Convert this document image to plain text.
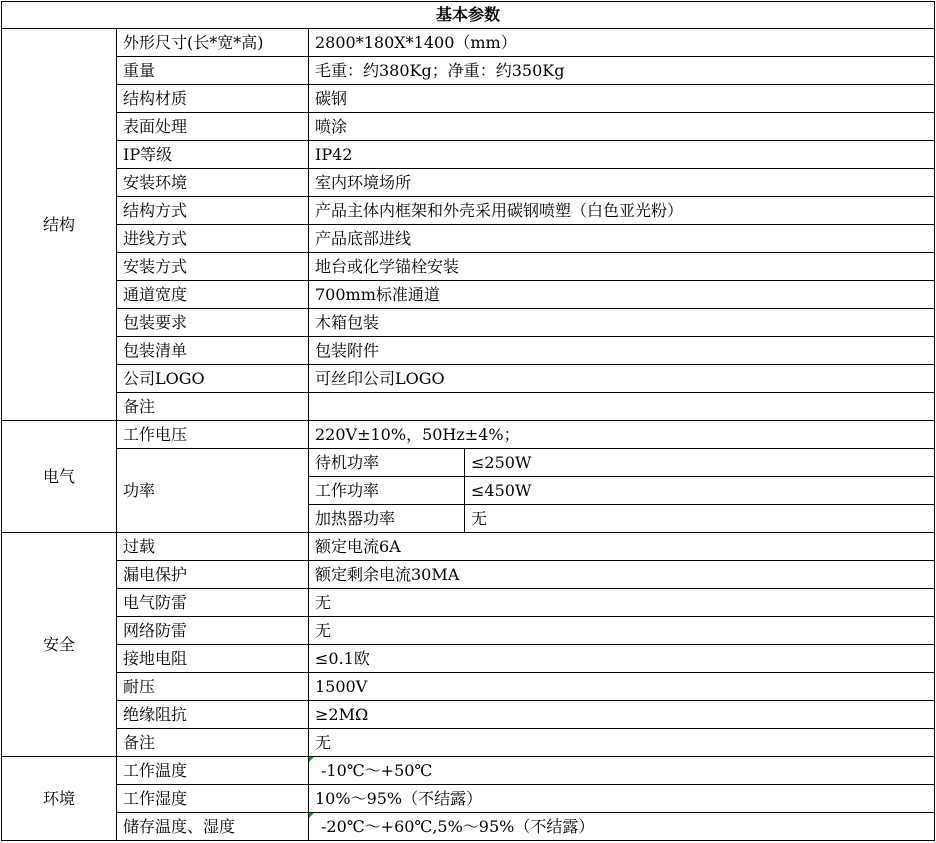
基本参数			
结构	外形尺寸(长*宽*高)	2800*180X*1400（mm）	
	重量	毛重：约380Kg；净重：约350Kg	
	结构材质	碳钢	
	表面处理	喷涂	
	IP等级	IP42	
	安装环境	室内环境场所	
	结构方式	产品主体内框架和外壳采用碳钢喷塑（白色亚光粉）	
	进线方式	产品底部进线	
	安装方式	地台或化学锚栓安装	
	通道宽度	700mm标准通道	
	包装要求	木箱包装	
	包装清单	包装附件	
	公司LOGO	可丝印公司LOGO	
	备注		
电气	工作电压	220V±10%，50Hz±4%；	
	功率	待机功率	≤250W
		工作功率	≤450W
		加热器功率	无
安全	过载	额定电流6A	
	漏电保护	额定剩余电流30MA	
	电气防雷	无	
	网络防雷	无	
	接地电阻	≤0.1欧	
	耐压	1500V	
	绝缘阻抗	≥2MΩ	
	备注	无	
环境	工作温度	-10℃～+50℃	
	工作湿度	10%～95%（不结露）	
	储存温度、湿度	-20℃～+60℃,5%～95%（不结露）	
